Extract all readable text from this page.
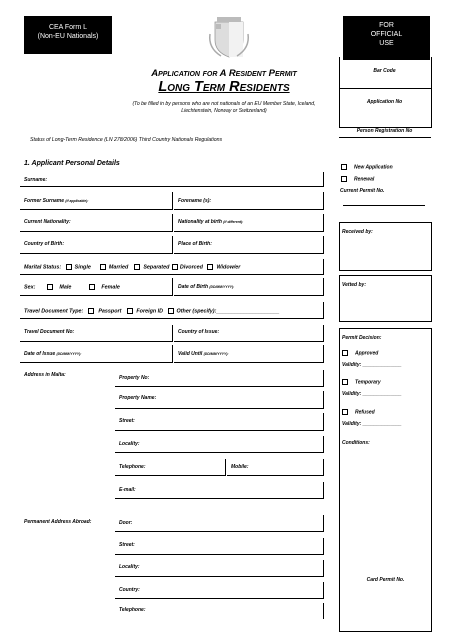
CEA Form L
(Non-EU Nationals)
FOR
OFFICIAL
USE
Application for A Resident Permit
Long Term Residents
(To be filled in by persons who are not nationals of an EU Member State, Iceland,
Liechtenstein, Norway or Switzerland)
Status of Long-Term Residence (LN 278/2006) Third Country Nationals Regulations
Bar Code
Application No
Person Registration No
New Application
Renewal
Current Permit No.
Received by:
Vetted by:
Permit Decision:
Approved
Validity: ______________
Temporary
Validity: ______________
Refused
Validity: ______________
Conditions:
Card Permit No.
1. Applicant Personal Details
Surname:
Former Surname (if applicable):	Forename (s):
Current Nationality:	Nationality at birth (if different):
Country of Birth:	Place of Birth:
Marital Status:	Single	Married	Separated Divorced	Widow/er
Sex:	Male	Female	Date of Birth (DD/MM/YYYY):
Travel Document Type:	Passport	Foreign ID	Other (specify):_____________________
Travel Document No:	Country of Issue:
Date of Issue (DD/MM/YYYY):	Valid Until (DD/MM/YYYY):
Address in Malta:	Property No:
Property Name:
Street:
Locality:
Telephone:	Mobile:
E-mail:
Permanent Address Abroad:	Door:
Street:
Locality:
Country:
Telephone:
